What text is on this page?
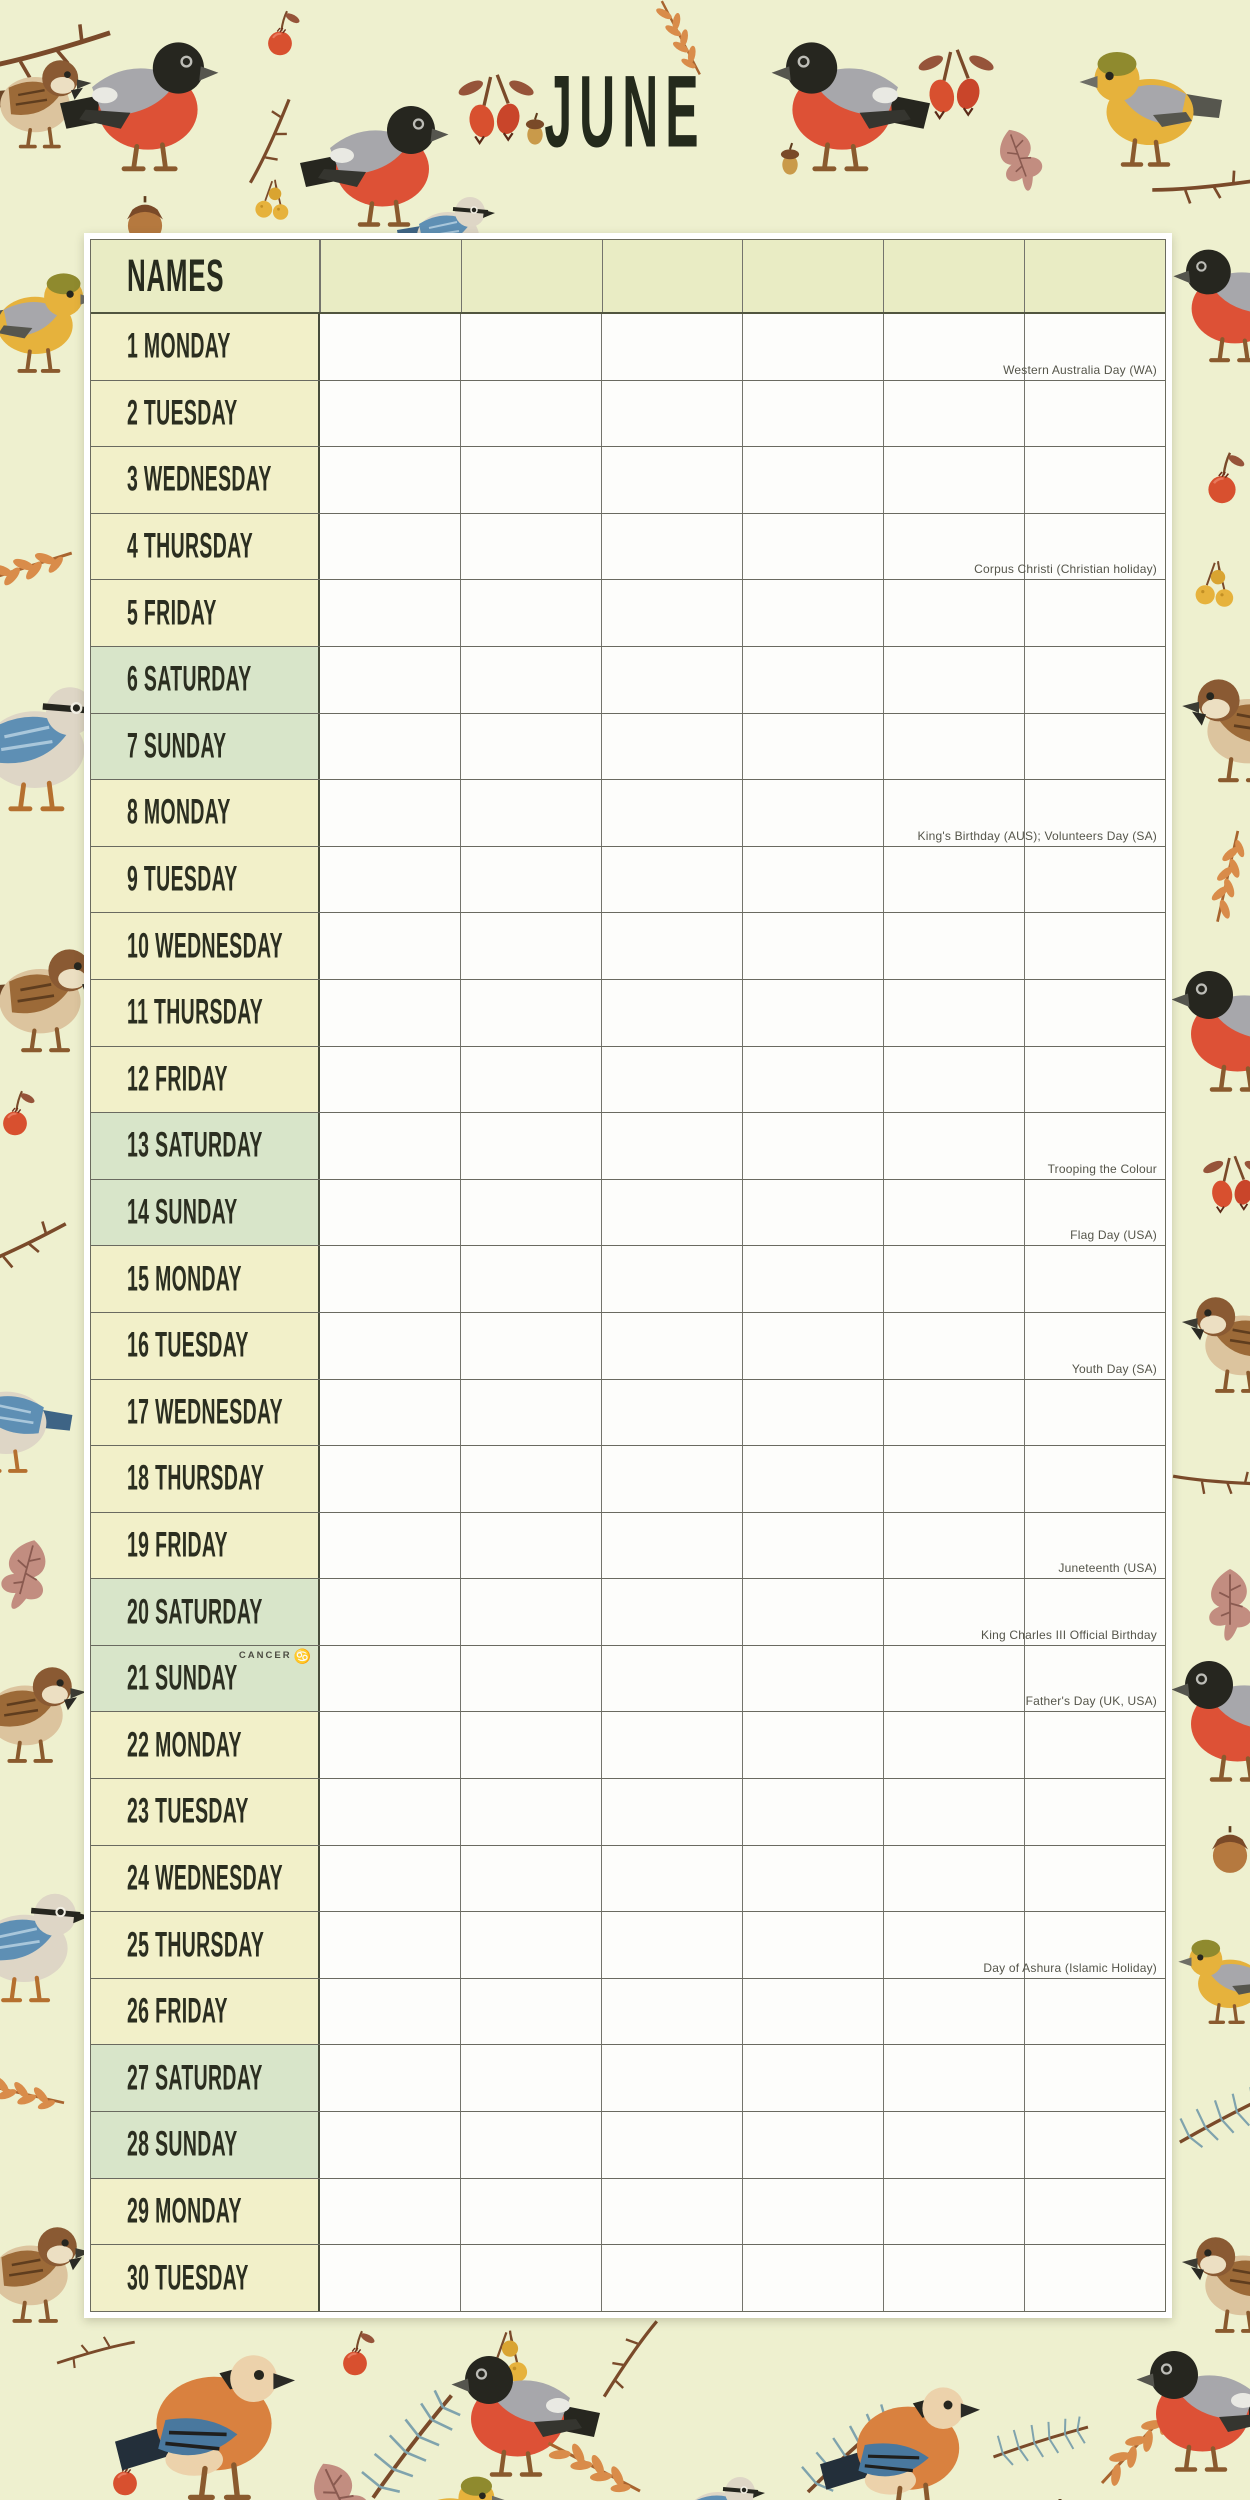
JUNE
NAMES
1 MONDAY
Western Australia Day (WA)
2 TUESDAY
3 WEDNESDAY
4 THURSDAY
Corpus Christi (Christian holiday)
5 FRIDAY
6 SATURDAY
7 SUNDAY
8 MONDAY
King's Birthday (AUS); Volunteers Day (SA)
9 TUESDAY
10 WEDNESDAY
11 THURSDAY
12 FRIDAY
13 SATURDAY
Trooping the Colour
14 SUNDAY
Flag Day (USA)
15 MONDAY
16 TUESDAY
Youth Day (SA)
17 WEDNESDAY
18 THURSDAY
19 FRIDAY
Juneteenth (USA)
20 SATURDAY
King Charles III Official Birthday
CANCER ♋
21 SUNDAY
Father's Day (UK, USA)
22 MONDAY
23 TUESDAY
24 WEDNESDAY
25 THURSDAY
Day of Ashura (Islamic Holiday)
26 FRIDAY
27 SATURDAY
28 SUNDAY
29 MONDAY
30 TUESDAY
